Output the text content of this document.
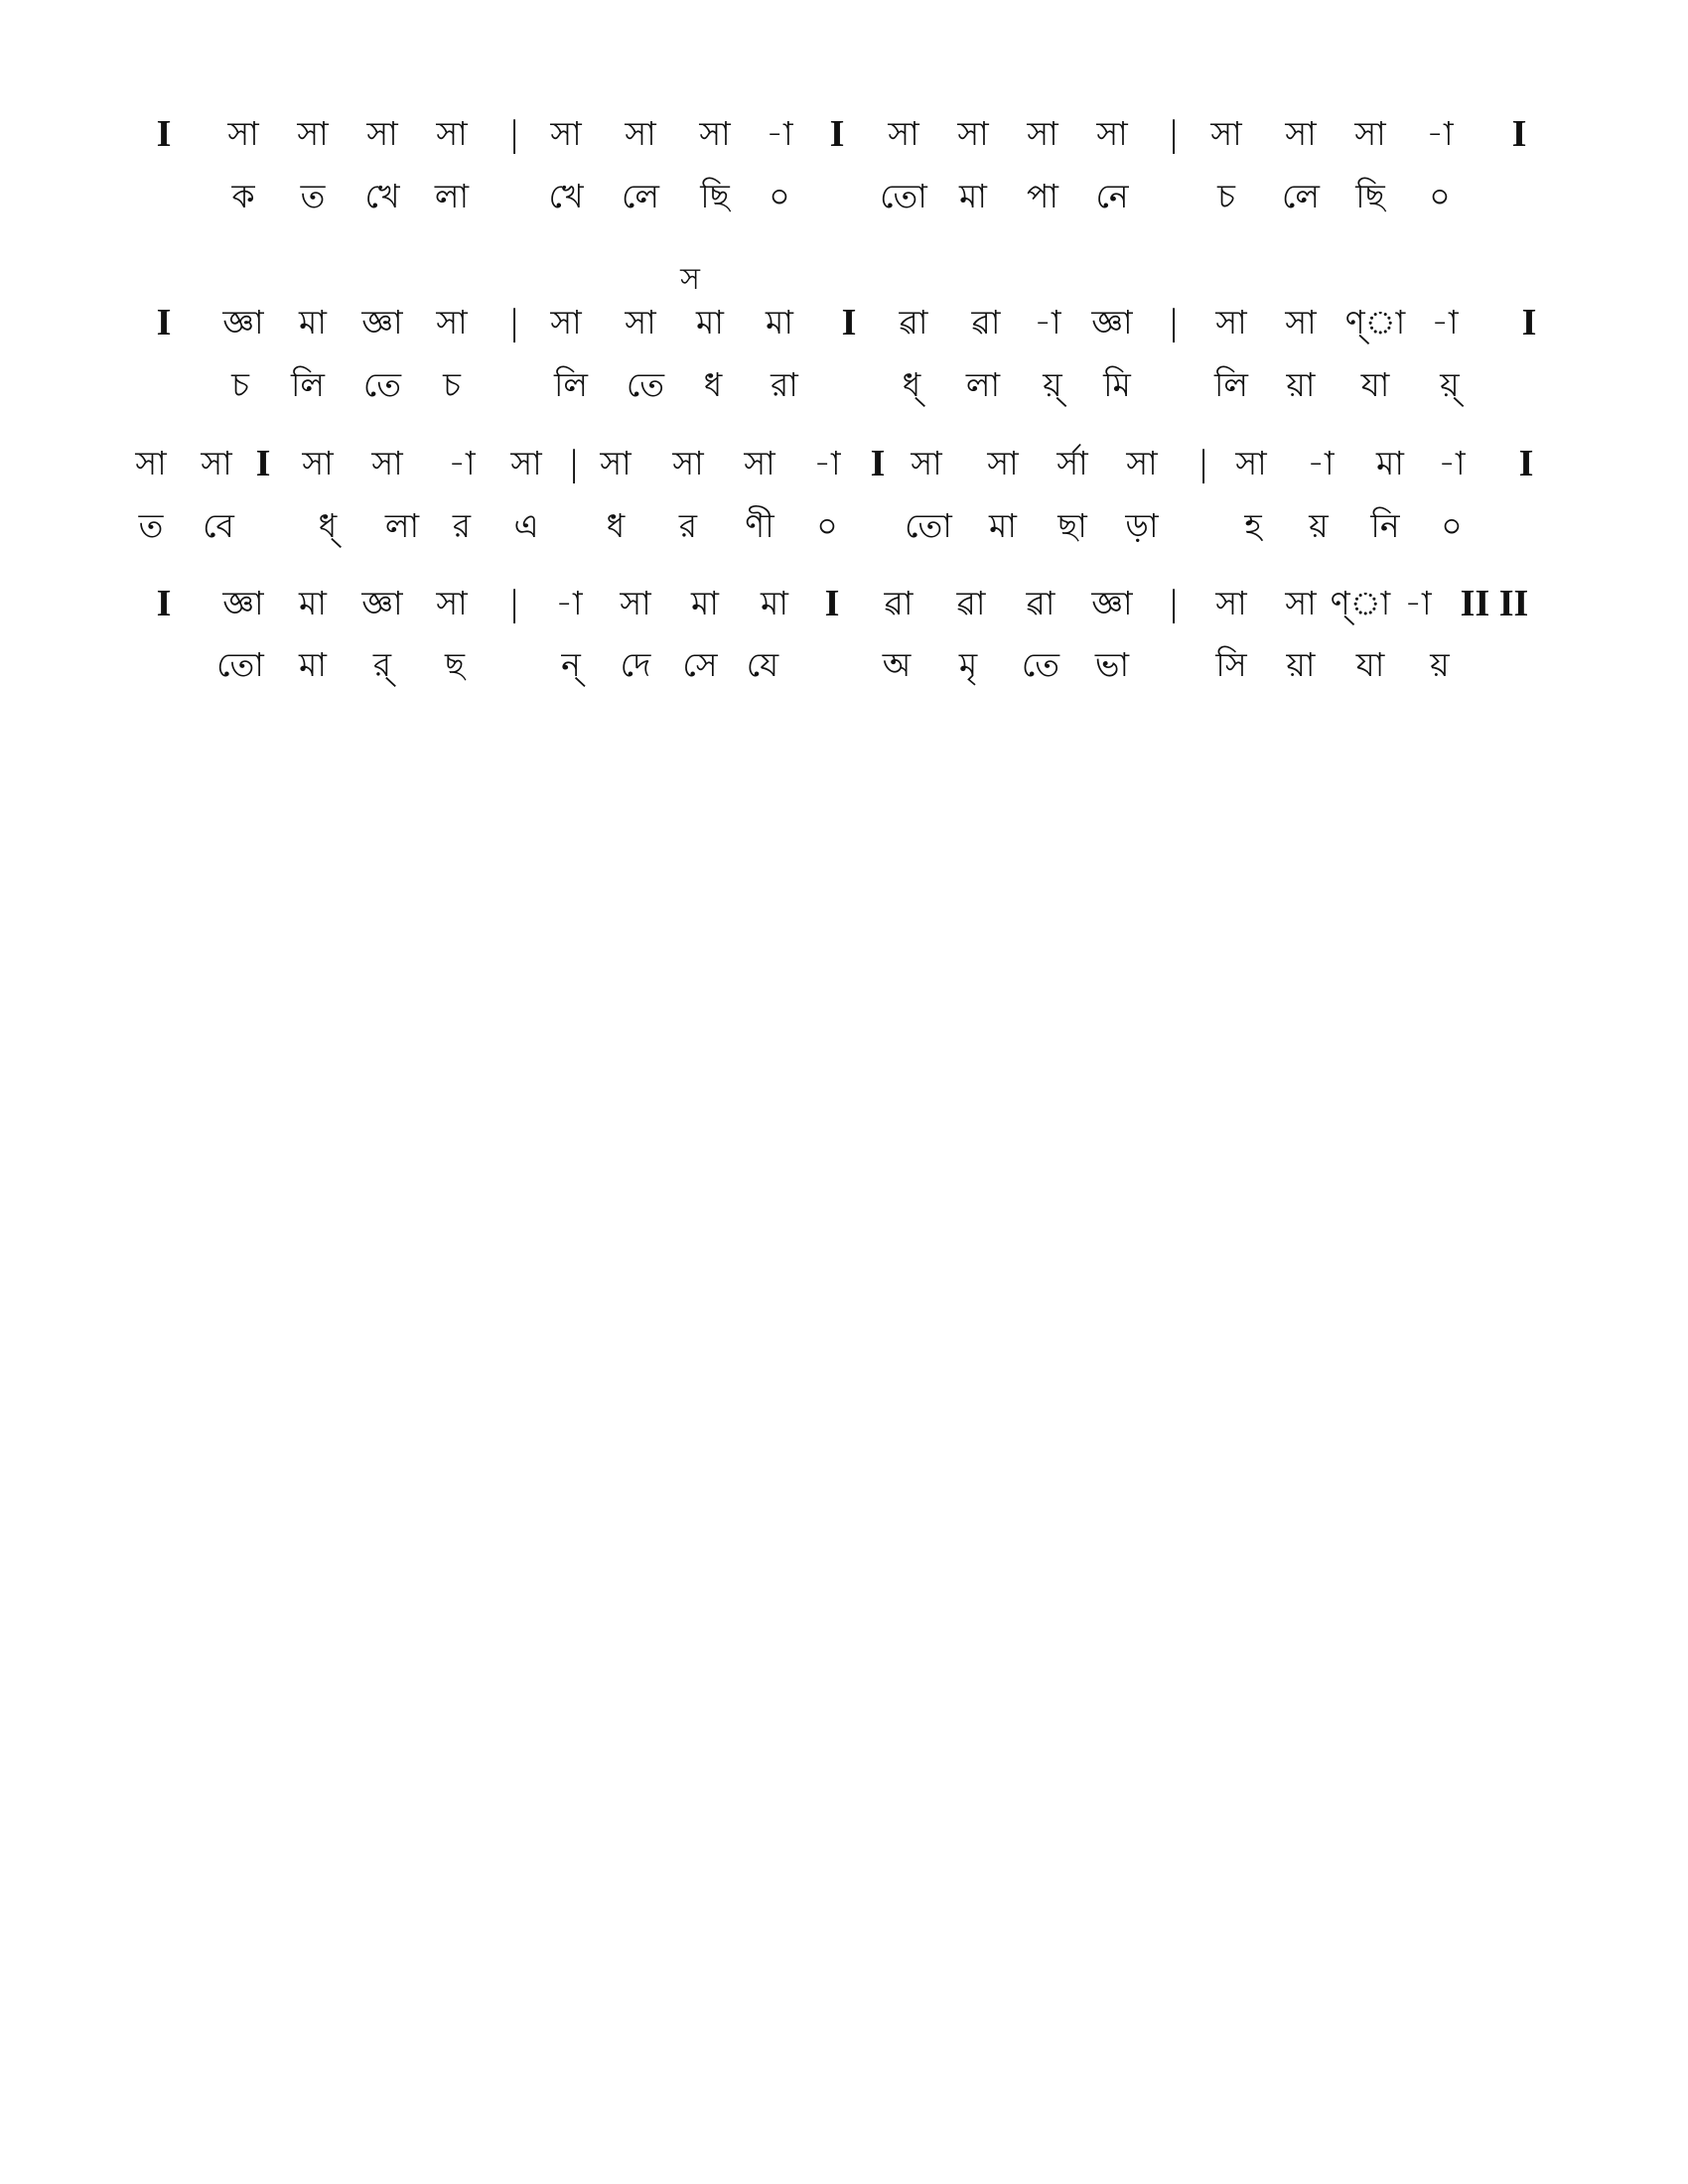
I সা সা সা সা | সা সা সা -া I সা সা সা সা | সা সা সা -া I
ক ত খে লা খে লে ছি ০	তো মা পা নে	চ লে ছি ০
স
I জ্ঞা মা জ্ঞা সা | সা সা মা মা I ৱা ৱা -া জ্ঞা | সা সা ণ্া -া I
চ লি তে চ	লি তে ধ রা	ধ্ লা য়্ মি	লি য়া যা য়্
সা সা I সা সা -া সা | সা সা সা -া I সা সা র্সা সা | সা -া মা -া I
ত বে	ধ্ লা র এ ধ র ণী ০ তো মা ছা ড়া	হ য় নি ০
I জ্ঞা মা জ্ঞা সা | -া সা মা মা I ৱা ৱা ৱা জ্ঞা | সা সা ণ্া -া II II
তো মা র্ ছ	ন্ দে সে যে	অ মৃ তে ভা	সি য়া যা য়
